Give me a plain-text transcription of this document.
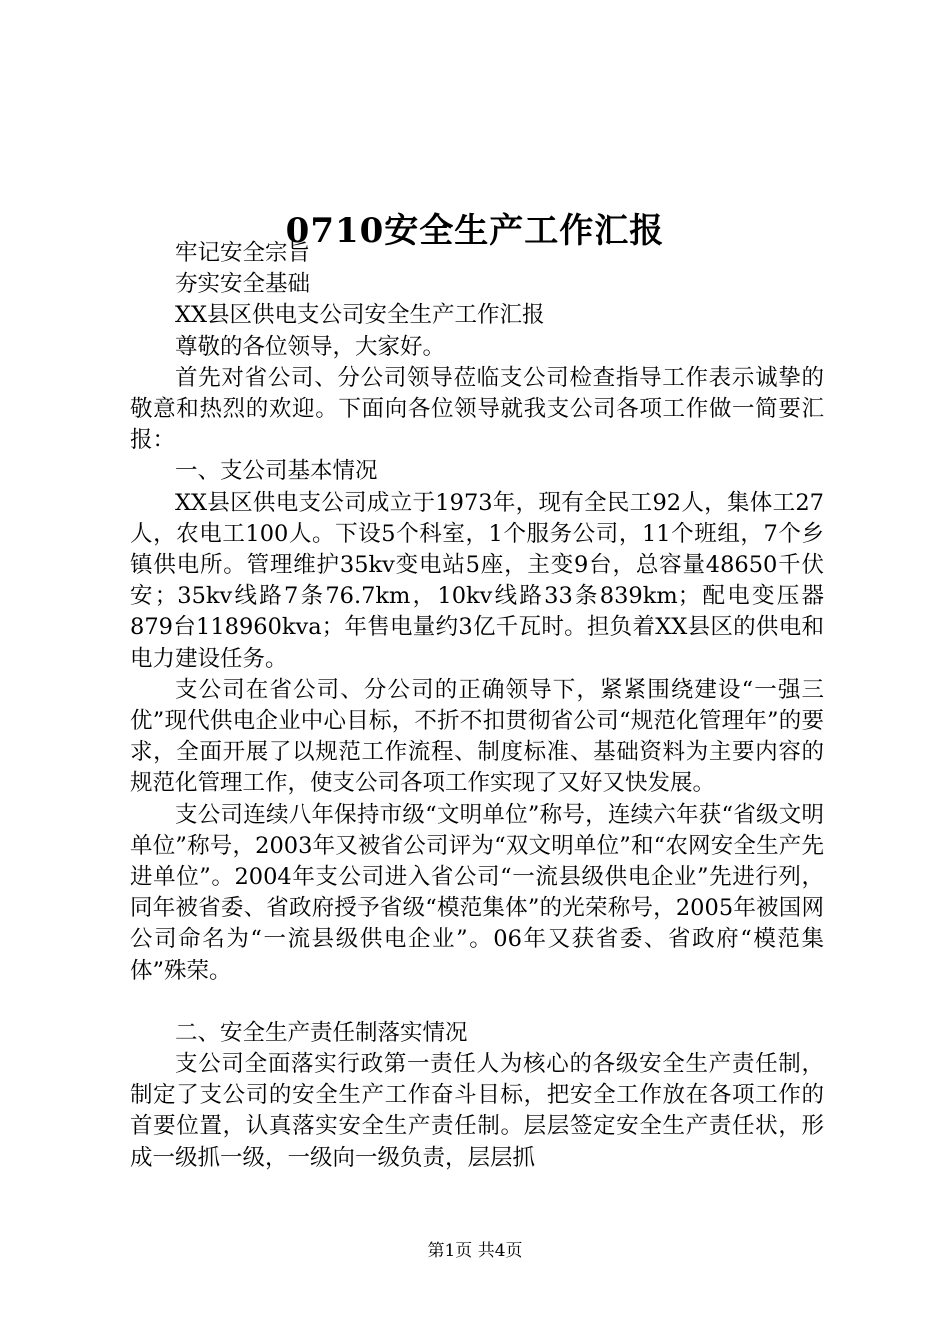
0710安全生产工作汇报

牢记安全宗旨

夯实安全基础

XX县区供电支公司安全生产工作汇报

尊敬的各位领导，大家好。

首先对省公司、分公司领导莅临支公司检查指导工作表示诚挚的敬意和热烈的欢迎。下面向各位领导就我支公司各项工作做一简要汇报：

一、支公司基本情况

XX县区供电支公司成立于1973年，现有全民工92人，集体工27人，农电工100人。下设5个科室，1个服务公司，11个班组，7个乡镇供电所。管理维护35kv变电站5座，主变9台，总容量48650千伏安；35kv线路7条76.7km，10kv线路33条839km；配电变压器879台118960kva；年售电量约3亿千瓦时。担负着XX县区的供电和电力建设任务。

支公司在省公司、分公司的正确领导下，紧紧围绕建设“一强三优”现代供电企业中心目标，不折不扣贯彻省公司“规范化管理年”的要求，全面开展了以规范工作流程、制度标准、基础资料为主要内容的规范化管理工作，使支公司各项工作实现了又好又快发展。

支公司连续八年保持市级“文明单位”称号，连续六年获“省级文明单位”称号，2003年又被省公司评为“双文明单位”和“农网安全生产先进单位”。2004年支公司进入省公司“一流县级供电企业”先进行列，同年被省委、省政府授予省级“模范集体”的光荣称号，2005年被国网公司命名为“一流县级供电企业”。06年又获省委、省政府“模范集体”殊荣。

二、安全生产责任制落实情况

支公司全面落实行政第一责任人为核心的各级安全生产责任制，制定了支公司的安全生产工作奋斗目标，把安全工作放在各项工作的首要位置，认真落实安全生产责任制。层层签定安全生产责任状，形成一级抓一级，一级向一级负责，层层抓

第1页 共4页
